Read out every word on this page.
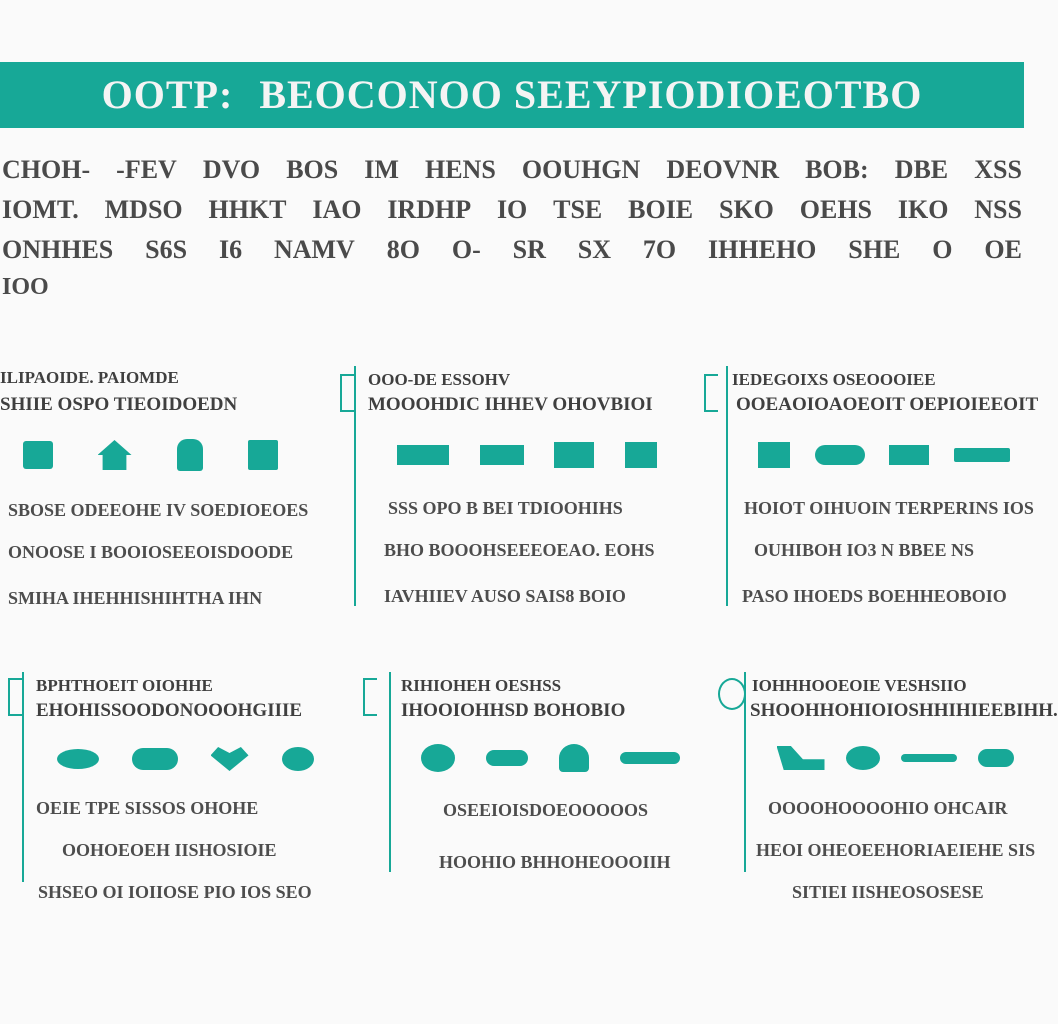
OOTP: BEOCONOO SEEYPIODIOEOTBO
CHOH- -FEV DVO BOS IM HENS OOUHGN DEOVNR BOB: DBE XSS
IOMT. MDSO HHKT IAO IRDHP IO TSE BOIE SKO OEHS IKO NSS
ONHHES S6S I6 NAMV 8O O- SR SX 7O IHHEHO SHE O OE
IOO
ILIPAOIDE. PAIOMDE
SHIIE OSPO TIEOIDOEDN
SBOSE ODEEOHE IV SOEDIOEOES
ONOOSE I BOOIOSEEOISDOODE
SMIHA IHEHHISHIHTHA IHN
OOO-DE ESSOHV
MOOOHDIC IHHEV OHOVBIOI
SSS OPO B BEI TDIOOHIHS
BHO BOOOHSEEEOEAO. EOHS
IAVHIIEV AUSO SAIS8 BOIO
IEDEGOIXS OSEOOOIEE
OOEAOIOAOEOIT OEPIOIEEOIT
HOIOT OIHUOIN TERPERINS IOS
OUHIBOH IO3 N BBEE NS
PASO IHOEDS BOEHHEOBOIO
BPHTHOEIT OIOHHE
EHOHISSOODONOOOHGIIIE
OEIE TPE SISSOS OHOHE
OOHOEOEH IISHOSIOIE
SHSEO OI IOIIOSE PIO IOS SEO
RIHIOHEH OESHSS
IHOOIOHHSD BOHOBIO
OSEEIOISDOEOOOOOS
HOOHIO BHHOHEOOOIIH
IOHHHOOEOIE VESHSIIO
SHOOHHOHIOIOSHHIHIEEBIHH.
OOOOHOOOOHIO OHCAIR
HEOI OHEOEEHORIAEIEHE SIS
SITIEI IISHEOSOSESE
